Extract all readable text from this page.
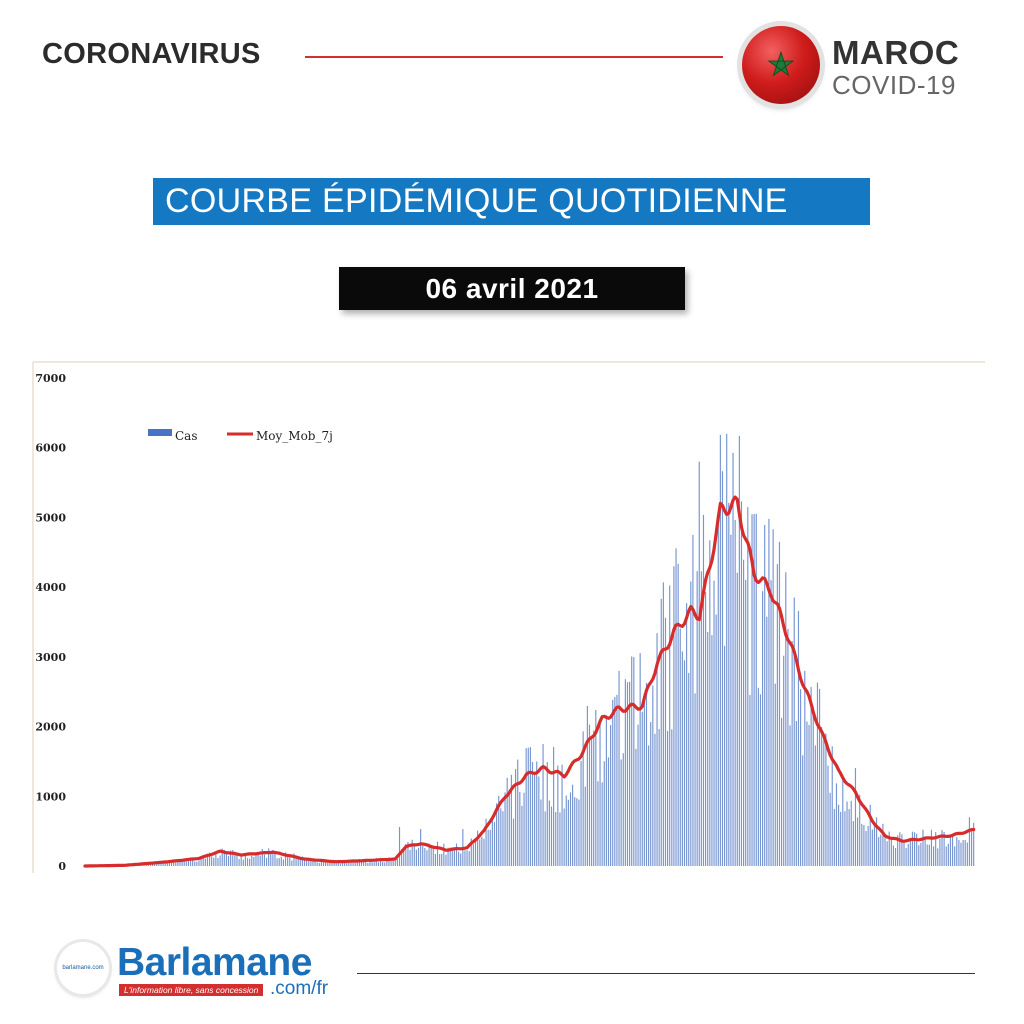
CORONAVIRUS	MAROC
COVID-19
COURBE ÉPIDÉMIQUE QUOTIDIENNE
06 avril 2021
0
1000
2000
3000
4000
5000
6000
7000
Cas	Moy_Mob_7j
barlamane.com Barlamane
L'information libre, sans concession .com/fr
